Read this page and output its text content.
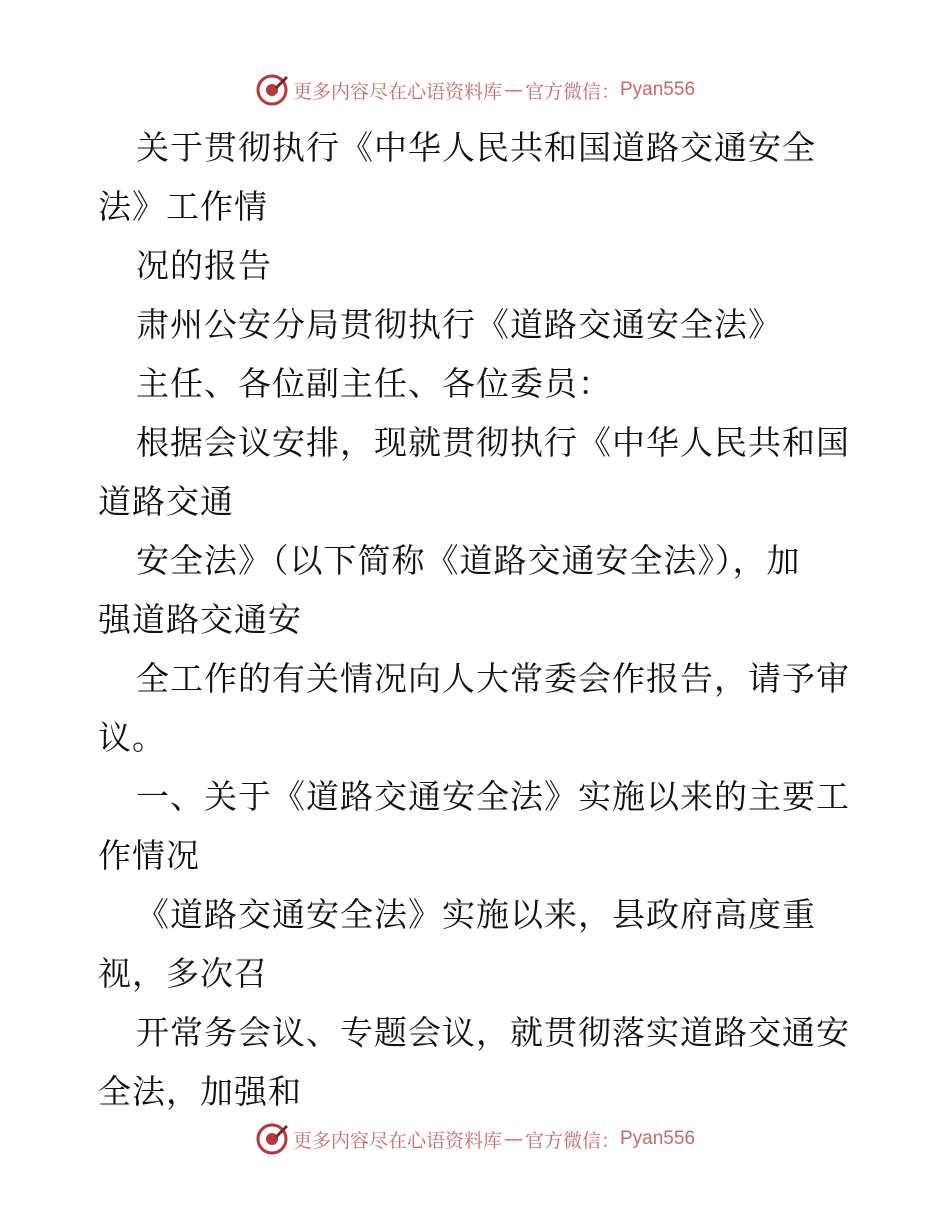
更多内容尽在心语资料库 — 官方微信： Pyan556
关于贯彻执行《中华人民共和国道路交通安全
法》工作情
况的报告
肃州公安分局贯彻执行《道路交通安全法》
主任、各位副主任、各位委员：
根据会议安排，现就贯彻执行《中华人民共和国
道路交通
安全法》（以下简称《道路交通安全法》），加
强道路交通安
全工作的有关情况向人大常委会作报告，请予审
议。
一、关于《道路交通安全法》实施以来的主要工
作情况
《道路交通安全法》实施以来，县政府高度重
视，多次召
开常务会议、专题会议，就贯彻落实道路交通安
全法，加强和
更多内容尽在心语资料库 — 官方微信： Pyan556
